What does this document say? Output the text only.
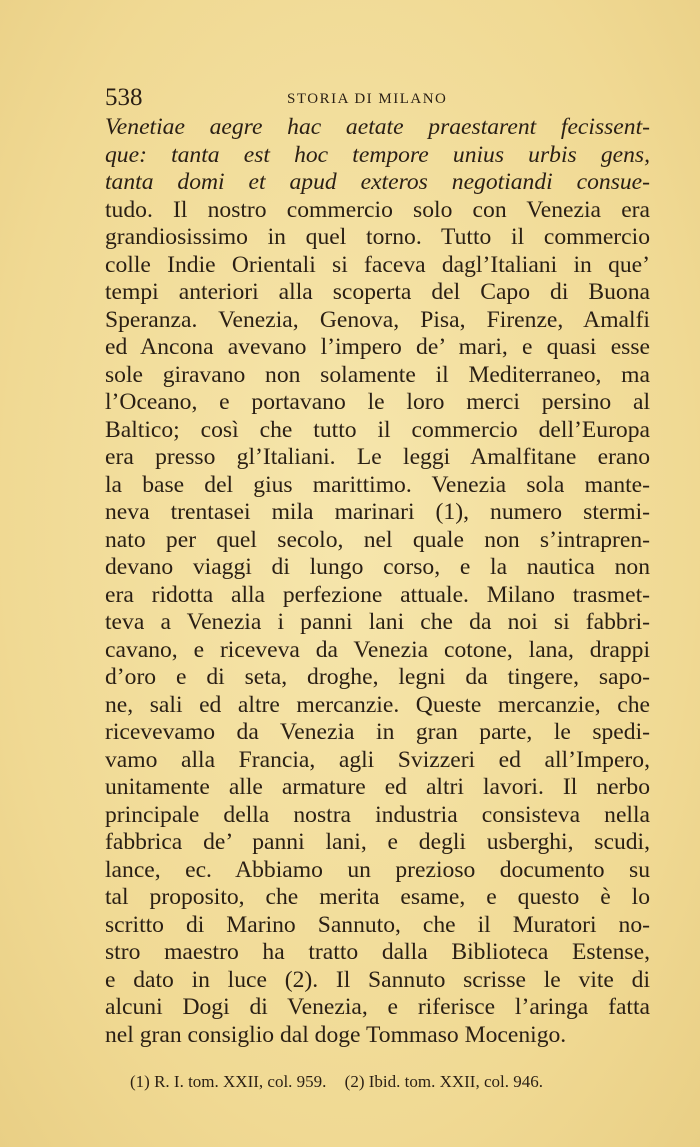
538	STORIA DI MILANO

Venetiae aegre hac aetate praestarent fecissent-
que: tanta est hoc tempore unius urbis gens,
tanta domi et apud exteros negotiandi consue-
tudo. Il nostro commercio solo con Venezia era
grandiosissimo in quel torno. Tutto il commercio
colle Indie Orientali si faceva dagl’Italiani in que’
tempi anteriori alla scoperta del Capo di Buona
Speranza. Venezia, Genova, Pisa, Firenze, Amalfi
ed Ancona avevano l’impero de’ mari, e quasi esse
sole giravano non solamente il Mediterraneo, ma
l’Oceano, e portavano le loro merci persino al
Baltico; così che tutto il commercio dell’Europa
era presso gl’Italiani. Le leggi Amalfitane erano
la base del gius marittimo. Venezia sola mante-
neva trentasei mila marinari (1), numero stermi-
nato per quel secolo, nel quale non s’intrapren-
devano viaggi di lungo corso, e la nautica non
era ridotta alla perfezione attuale. Milano trasmet-
teva a Venezia i panni lani che da noi si fabbri-
cavano, e riceveva da Venezia cotone, lana, drappi
d’oro e di seta, droghe, legni da tingere, sapo-
ne, sali ed altre mercanzie. Queste mercanzie, che
ricevevamo da Venezia in gran parte, le spedi-
vamo alla Francia, agli Svizzeri ed all’Impero,
unitamente alle armature ed altri lavori. Il nerbo
principale della nostra industria consisteva nella
fabbrica de’ panni lani, e degli usberghi, scudi,
lance, ec. Abbiamo un prezioso documento su
tal proposito, che merita esame, e questo è lo
scritto di Marino Sannuto, che il Muratori no-
stro maestro ha tratto dalla Biblioteca Estense,
e dato in luce (2). Il Sannuto scrisse le vite di
alcuni Dogi di Venezia, e riferisce l’aringa fatta
nel gran consiglio dal doge Tommaso Mocenigo.

(1) R. I. tom. XXII, col. 959. (2) Ibid. tom. XXII, col. 946.
